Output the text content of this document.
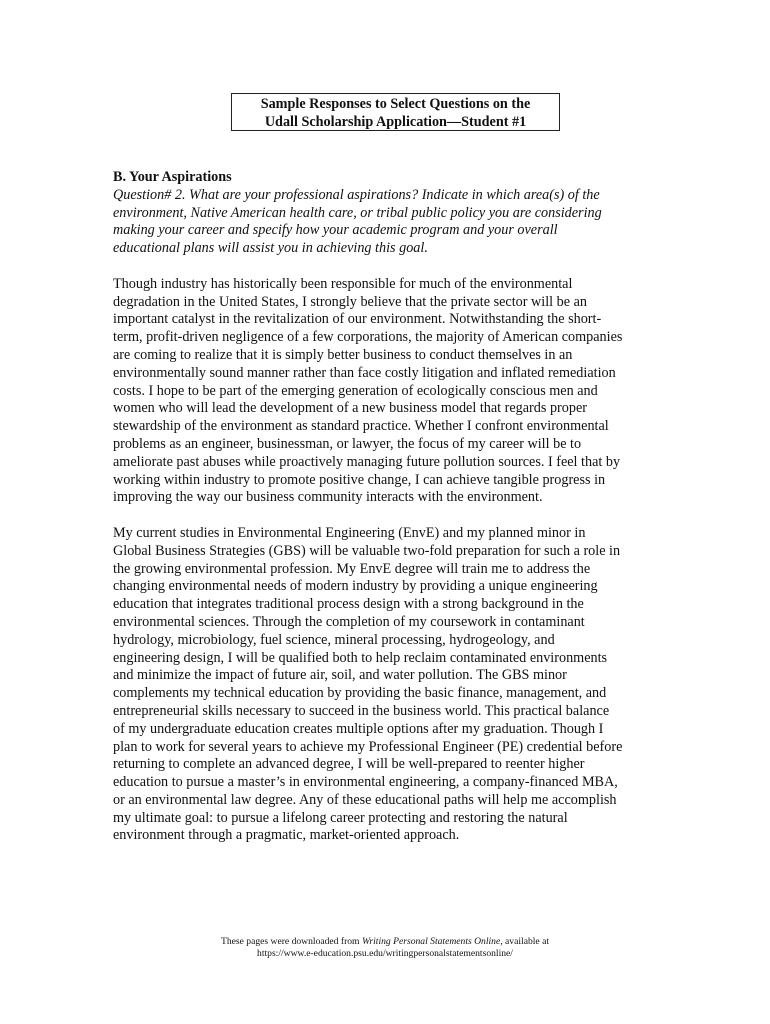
Sample Responses to Select Questions on the
Udall Scholarship Application—Student #1

B. Your Aspirations

Question# 2. What are your professional aspirations? Indicate in which area(s) of the
environment, Native American health care, or tribal public policy you are considering
making your career and specify how your academic program and your overall
educational plans will assist you in achieving this goal.

Though industry has historically been responsible for much of the environmental
degradation in the United States, I strongly believe that the private sector will be an
important catalyst in the revitalization of our environment. Notwithstanding the short-
term, profit-driven negligence of a few corporations, the majority of American companies
are coming to realize that it is simply better business to conduct themselves in an
environmentally sound manner rather than face costly litigation and inflated remediation
costs. I hope to be part of the emerging generation of ecologically conscious men and
women who will lead the development of a new business model that regards proper
stewardship of the environment as standard practice. Whether I confront environmental
problems as an engineer, businessman, or lawyer, the focus of my career will be to
ameliorate past abuses while proactively managing future pollution sources. I feel that by
working within industry to promote positive change, I can achieve tangible progress in
improving the way our business community interacts with the environment.

My current studies in Environmental Engineering (EnvE) and my planned minor in
Global Business Strategies (GBS) will be valuable two-fold preparation for such a role in
the growing environmental profession. My EnvE degree will train me to address the
changing environmental needs of modern industry by providing a unique engineering
education that integrates traditional process design with a strong background in the
environmental sciences. Through the completion of my coursework in contaminant
hydrology, microbiology, fuel science, mineral processing, hydrogeology, and
engineering design, I will be qualified both to help reclaim contaminated environments
and minimize the impact of future air, soil, and water pollution. The GBS minor
complements my technical education by providing the basic finance, management, and
entrepreneurial skills necessary to succeed in the business world. This practical balance
of my undergraduate education creates multiple options after my graduation. Though I
plan to work for several years to achieve my Professional Engineer (PE) credential before
returning to complete an advanced degree, I will be well-prepared to reenter higher
education to pursue a master’s in environmental engineering, a company-financed MBA,
or an environmental law degree. Any of these educational paths will help me accomplish
my ultimate goal: to pursue a lifelong career protecting and restoring the natural
environment through a pragmatic, market-oriented approach.

These pages were downloaded from Writing Personal Statements Online, available at
https://www.e-education.psu.edu/writingpersonalstatementsonline/
